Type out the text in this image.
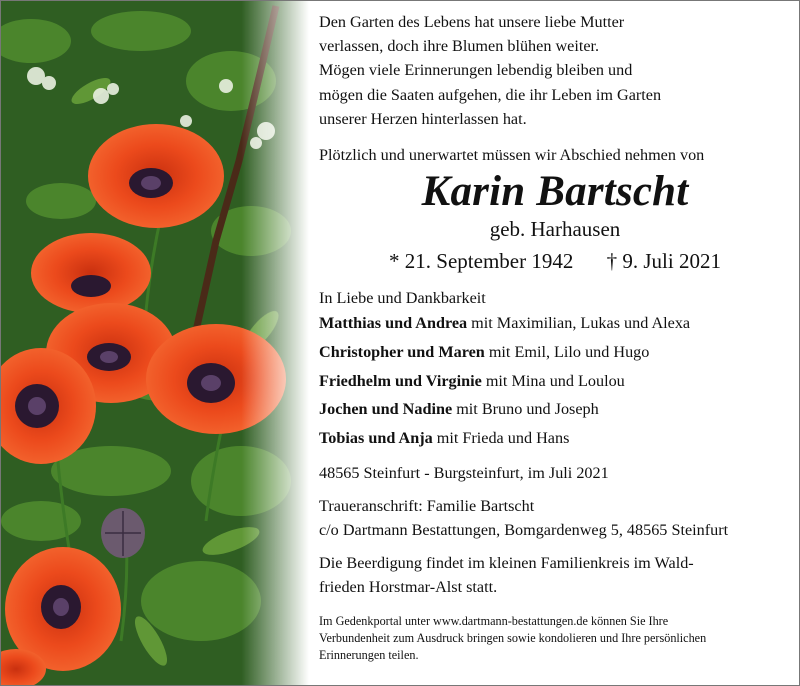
Den Garten des Lebens hat unsere liebe Mutter
verlassen, doch ihre Blumen blühen weiter.
Mögen viele Erinnerungen lebendig bleiben und
mögen die Saaten aufgehen, die ihr Leben im Garten
unserer Herzen hinterlassen hat.
Plötzlich und unerwartet müssen wir Abschied nehmen von
Karin Bartscht
geb. Harhausen
* 21. September 1942 † 9. Juli 2021
In Liebe und Dankbarkeit
Matthias und Andrea mit Maximilian, Lukas und Alexa
Christopher und Maren mit Emil, Lilo und Hugo
Friedhelm und Virginie mit Mina und Loulou
Jochen und Nadine mit Bruno und Joseph
Tobias und Anja mit Frieda und Hans
48565 Steinfurt - Burgsteinfurt, im Juli 2021
Traueranschrift: Familie Bartscht
c/o Dartmann Bestattungen, Bomgardenweg 5, 48565 Steinfurt
Die Beerdigung findet im kleinen Familienkreis im Wald-
frieden Horstmar-Alst statt.
Im Gedenkportal unter www.dartmann-bestattungen.de können Sie Ihre
Verbundenheit zum Ausdruck bringen sowie kondolieren und Ihre persönlichen
Erinnerungen teilen.
